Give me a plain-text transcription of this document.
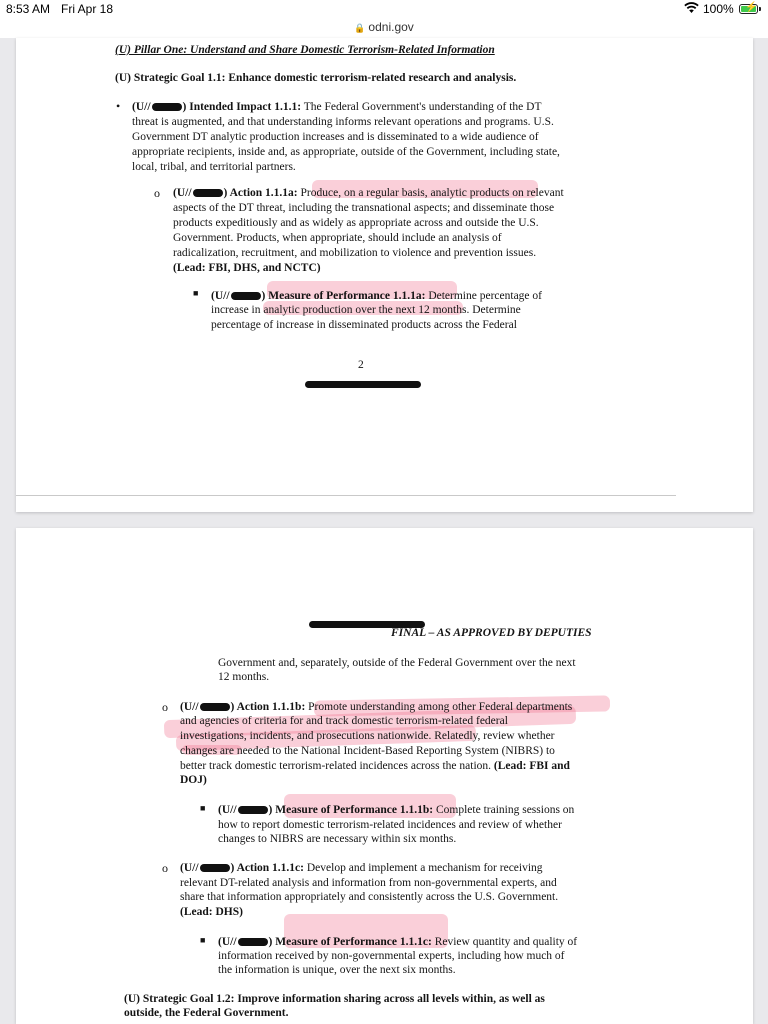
8:53 AM Fri Apr 18	100% ⚡
🔒 odni.gov
(U) Pillar One: Understand and Share Domestic Terrorism-Related Information
(U) Strategic Goal 1.1: Enhance domestic terrorism-related research and analysis.
• (U//	) Intended Impact 1.1.1: The Federal Government's understanding of the DT
threat is augmented, and that understanding informs relevant operations and programs. U.S.
Government DT analytic production increases and is disseminated to a wide audience of
appropriate recipients, inside and, as appropriate, outside of the Government, including state,
local, tribal, and territorial partners.
o (U//	) Action 1.1.1a: Produce, on a regular basis, analytic products on relevant
aspects of the DT threat, including the transnational aspects; and disseminate those
products expeditiously and as widely as appropriate across and outside the U.S.
Government. Products, when appropriate, should include an analysis of
radicalization, recruitment, and mobilization to violence and prevention issues.
(Lead: FBI, DHS, and NCTC)
■ (U//	) Measure of Performance 1.1.1a: Determine percentage of
increase in analytic production over the next 12 months. Determine
percentage of increase in disseminated products across the Federal
2
FINAL – AS APPROVED BY DEPUTIES
Government and, separately, outside of the Federal Government over the next
12 months.
o (U//	) Action 1.1.1b: Promote understanding among other Federal departments
and agencies of criteria for and track domestic terrorism-related federal
investigations, incidents, and prosecutions nationwide. Relatedly, review whether
changes are needed to the National Incident-Based Reporting System (NIBRS) to
better track domestic terrorism-related incidences across the nation. (Lead: FBI and
DOJ)
■ (U//	) Measure of Performance 1.1.1b: Complete training sessions on
how to report domestic terrorism-related incidences and review of whether
changes to NIBRS are necessary within six months.
o (U//	) Action 1.1.1c: Develop and implement a mechanism for receiving
relevant DT-related analysis and information from non-governmental experts, and
share that information appropriately and consistently across the U.S. Government.
(Lead: DHS)
■ (U//	) Measure of Performance 1.1.1c: Review quantity and quality of
information received by non-governmental experts, including how much of
the information is unique, over the next six months.
(U) Strategic Goal 1.2: Improve information sharing across all levels within, as well as
outside, the Federal Government.
